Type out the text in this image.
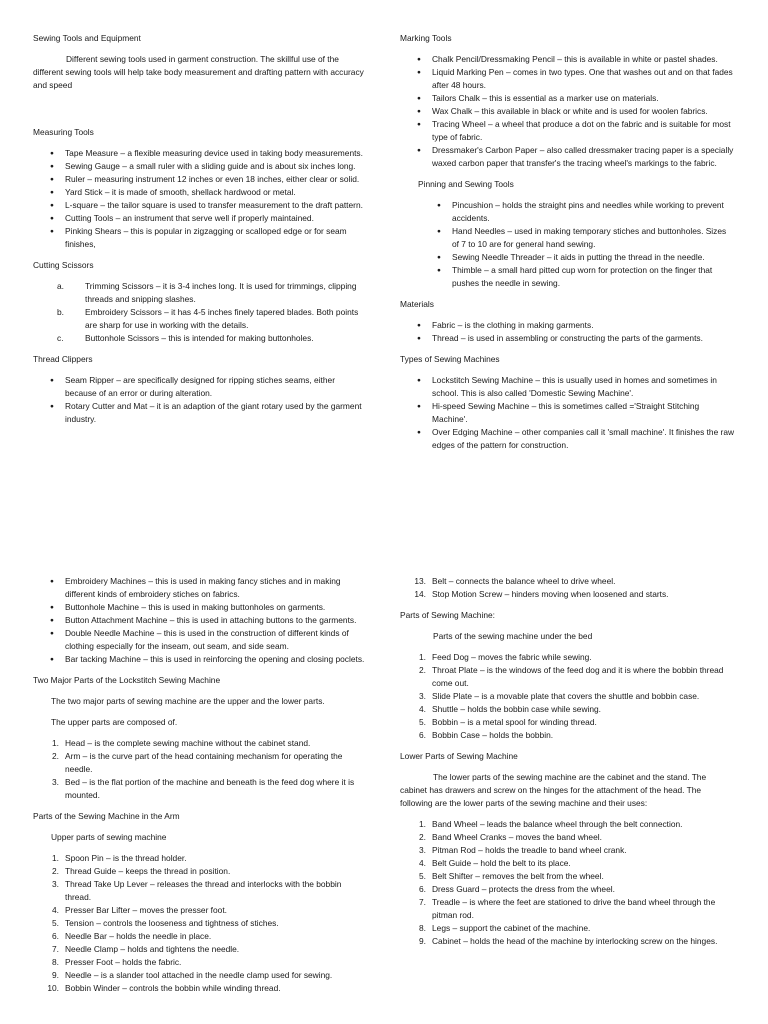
Sewing Tools and Equipment
Different sewing tools used in garment construction. The skillful use of the different sewing tools will help take body measurement and drafting pattern with accuracy and speed
Measuring Tools
● Tape Measure – a flexible measuring device used in taking body measurements.
● Sewing Gauge – a small ruler with a sliding guide and is about six inches long.
● Ruler – measuring instrument 12 inches or even 18 inches, either clear or solid.
● Yard Stick – it is made of smooth, shellack hardwood or metal.
● L-square – the tailor square is used to transfer measurement to the draft pattern.
● Cutting Tools – an instrument that serve well if properly maintained.
● Pinking Shears – this is popular in zigzagging or scalloped edge or for seam finishes,
Cutting Scissors
a.	Trimming Scissors – it is 3-4 inches long. It is used for trimmings, clipping threads and snipping slashes.
b.	Embroidery Scissors – it has 4-5 inches finely tapered blades. Both points are sharp for use in working with the details.
c.	Buttonhole Scissors – this is intended for making buttonholes.
Thread Clippers
● Seam Ripper – are specifically designed for ripping stiches seams, either because of an error or during alteration.
● Rotary Cutter and Mat – it is an adaption of the giant rotary used by the garment industry.
Marking Tools
● Chalk Pencil/Dressmaking Pencil – this is available in white or pastel shades.
● Liquid Marking Pen – comes in two types. One that washes out and on that fades after 48 hours.
● Tailors Chalk – this is essential as a marker use on materials.
● Wax Chalk – this available in black or white and is used for woolen fabrics.
● Tracing Wheel – a wheel that produce a dot on the fabric and is suitable for most type of fabric.
● Dressmaker's Carbon Paper – also called dressmaker tracing paper is a specially waxed carbon paper that transfer's the tracing wheel's markings to the fabric.
Pinning and Sewing Tools
● Pincushion – holds the straight pins and needles while working to prevent accidents.
● Hand Needles – used in making temporary stiches and buttonholes. Sizes of 7 to 10 are for general hand sewing.
● Sewing Needle Threader – it aids in putting the thread in the needle.
● Thimble – a small hard pitted cup worn for protection on the finger that pushes the needle in sewing.
Materials
● Fabric – is the clothing in making garments.
● Thread – is used in assembling or constructing the parts of the garments.
Types of Sewing Machines
● Lockstitch Sewing Machine – this is usually used in homes and sometimes in school. This is also called 'Domestic Sewing Machine'.
● Hi-speed Sewing Machine – this is sometimes called ='Straight Stitching Machine'.
● Over Edging Machine – other companies call it 'small machine'. It finishes the raw edges of the pattern for construction.
● Embroidery Machines – this is used in making fancy stiches and in making different kinds of embroidery stiches on fabrics.
● Buttonhole Machine – this is used in making buttonholes on garments.
● Button Attachment Machine – this is used in attaching buttons to the garments.
● Double Needle Machine – this is used in the construction of different kinds of clothing especially for the inseam, out seam, and side seam.
● Bar tacking Machine – this is used in reinforcing the opening and closing poclets.
Two Major Parts of the Lockstitch Sewing Machine
The two major parts of sewing machine are the upper and the lower parts.
The upper parts are composed of.
1. Head – is the complete sewing machine without the cabinet stand.
2. Arm – is the curve part of the head containing mechanism for operating the needle.
3. Bed – is the flat portion of the machine and beneath is the feed dog where it is mounted.
Parts of the Sewing Machine in the Arm
Upper parts of sewing machine
1. Spoon Pin – is the thread holder.
2. Thread Guide – keeps the thread in position.
3. Thread Take Up Lever – releases the thread and interlocks with the bobbin thread.
4. Presser Bar Lifter – moves the presser foot.
5. Tension – controls the looseness and tightness of stiches.
6. Needle Bar – holds the needle in place.
7. Needle Clamp – holds and tightens the needle.
8. Presser Foot – holds the fabric.
9. Needle – is a slander tool attached in the needle clamp used for sewing.
10. Bobbin Winder – controls the bobbin while winding thread.
13. Belt – connects the balance wheel to drive wheel.
14. Stop Motion Screw – hinders moving when loosened and starts.
Parts of Sewing Machine:
Parts of the sewing machine under the bed
1. Feed Dog – moves the fabric while sewing.
2. Throat Plate – is the windows of the feed dog and it is where the bobbin thread come out.
3. Slide Plate – is a movable plate that covers the shuttle and bobbin case.
4. Shuttle – holds the bobbin case while sewing.
5. Bobbin – is a metal spool for winding thread.
6. Bobbin Case – holds the bobbin.
Lower Parts of Sewing Machine
The lower parts of the sewing machine are the cabinet and the stand. The cabinet has drawers and screw on the hinges for the attachment of the head. The following are the lower parts of the sewing machine and their uses:
1. Band Wheel – leads the balance wheel through the belt connection.
2. Band Wheel Cranks – moves the band wheel.
3. Pitman Rod – holds the treadle to band wheel crank.
4. Belt Guide – hold the belt to its place.
5. Belt Shifter – removes the belt from the wheel.
6. Dress Guard – protects the dress from the wheel.
7. Treadle – is where the feet are stationed to drive the band wheel through the pitman rod.
8. Legs – support the cabinet of the machine.
9. Cabinet – holds the head of the machine by interlocking screw on the hinges.
